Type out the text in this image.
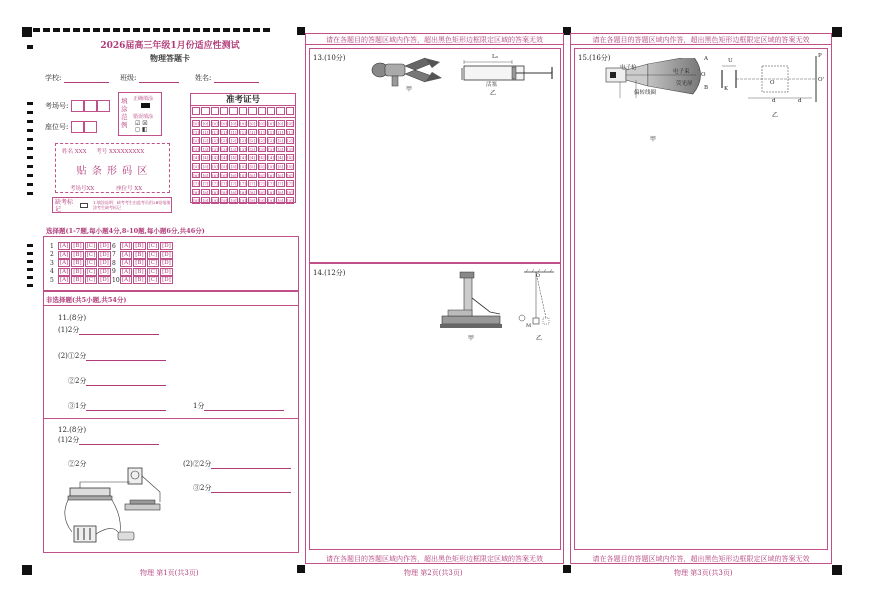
2026届高三年级1月份适应性测试
物理答题卡
学校:	班级:	姓名:
考场号:
座位号:
填涂范例
正确填涂
错误填涂
☑ ☒
◻ ◧
准考证号
[0] [0] [0] [0] [0] [0] [0] [0] [0] [0] [0]
[1] [1] [1] [1] [1] [1] [1] [1] [1] [1] [1]
[2] [2] [2] [2] [2] [2] [2] [2] [2] [2] [2]
[3] [3] [3] [3] [3] [3] [3] [3] [3] [3] [3]
[4] [4] [4] [4] [4] [4] [4] [4] [4] [4] [4]
[5] [5] [5] [5] [5] [5] [5] [5] [5] [5] [5]
[6] [6] [6] [6] [6] [6] [6] [6] [6] [6] [6]
[7] [7] [7] [7] [7] [7] [7] [7] [7] [7] [7]
[8] [8] [8] [8] [8] [8] [8] [8] [8] [8] [8]
[9] [9] [9] [9] [9] [9] [9] [9] [9] [9] [9]
姓名 XXX 考号 XXXXXXXXX
贴 条 形 码 区
考场号XX	座位号 XX
缺考标记
1.填涂说明：缺考考生由监考员用2B铅笔填涂考生缺考标记
选择题(1-7题,每小题4分,8-10题,每小题6分,共46分)
1	[A] [B] [C] [D]
2	[A] [B] [C] [D]
3	[A] [B] [C] [D]
4	[A] [B] [C] [D]
5	[A] [B] [C] [D]
6	[A] [B] [C] [D]
7	[A] [B] [C] [D]
8	[A] [B] [C] [D]
9	[A] [B] [C] [D]
10 [A] [B] [C] [D]
非选择题(共5小题,共54分)
11.(8分)
(1)2分
(2)①2分
②2分
③1分	1分
12.(8分)
(1)2分
②2分	(2)②2分
③2分
物理 第1页(共3页)
请在各题目的答题区域内作答，超出黑色矩形边框限定区域的答案无效
13.(10分)
甲
L₀
活塞
乙
14.(12分)
甲
O
M
乙
请在各题目的答题区域内作答，超出黑色矩形边框限定区域的答案无效
物理 第2页(共3页)
请在各题目的答题区域内作答，超出黑色矩形边框限定区域的答案无效
15.(16分)
电子枪
电子束
荧光屏
偏转线圈
O
A
B
甲
U
K
O
P
O'
d	d
乙
请在各题目的答题区域内作答，超出黑色矩形边框限定区域的答案无效
物理 第3页(共3页)
